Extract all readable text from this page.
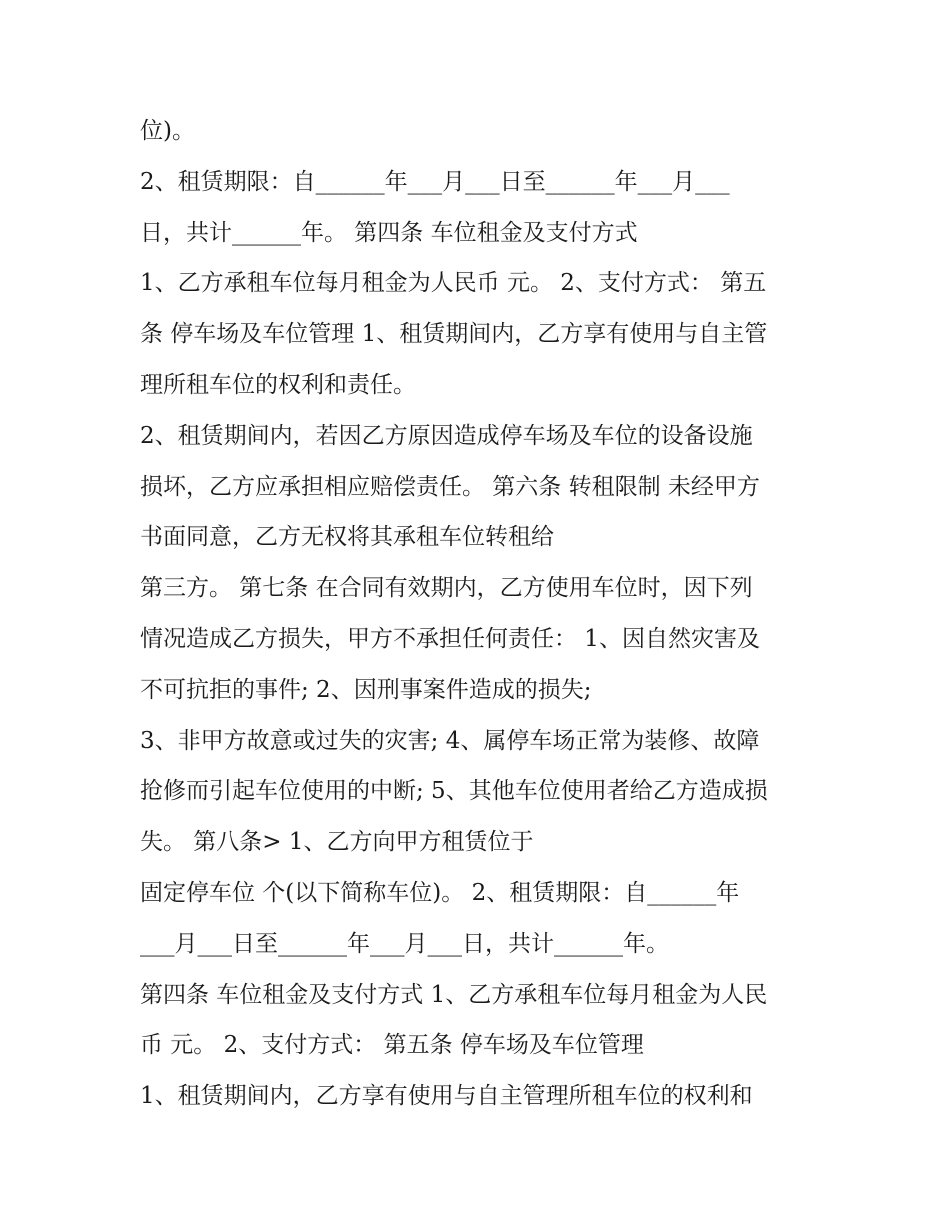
位)。
2、租赁期限：自______年___月___日至______年___月___
日，共计______年。 第四条 车位租金及支付方式
1、乙方承租车位每月租金为人民币 元。 2、支付方式： 第五
条 停车场及车位管理 1、租赁期间内，乙方享有使用与自主管
理所租车位的权利和责任。
2、租赁期间内，若因乙方原因造成停车场及车位的设备设施
损坏，乙方应承担相应赔偿责任。 第六条 转租限制 未经甲方
书面同意，乙方无权将其承租车位转租给
第三方。 第七条 在合同有效期内，乙方使用车位时，因下列
情况造成乙方损失，甲方不承担任何责任： 1、因自然灾害及
不可抗拒的事件; 2、因刑事案件造成的损失;
3、非甲方故意或过失的灾害; 4、属停车场正常为装修、故障
抢修而引起车位使用的中断; 5、其他车位使用者给乙方造成损
失。 第八条> 1、乙方向甲方租赁位于
固定停车位 个(以下简称车位)。 2、租赁期限：自______年
___月___日至______年___月___日，共计______年。
第四条 车位租金及支付方式 1、乙方承租车位每月租金为人民
币 元。 2、支付方式： 第五条 停车场及车位管理
1、租赁期间内，乙方享有使用与自主管理所租车位的权利和
